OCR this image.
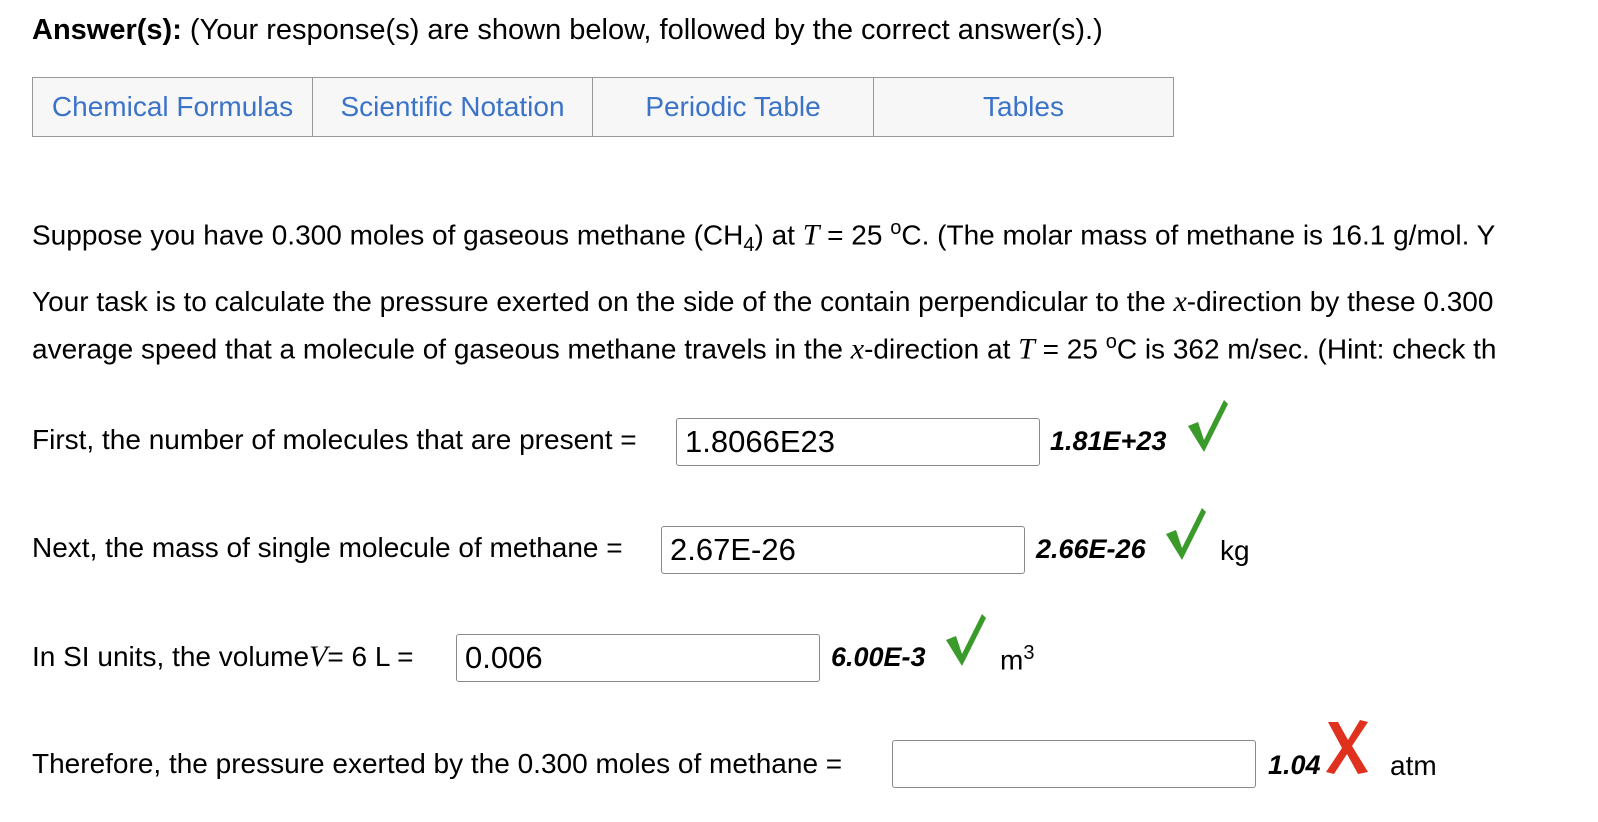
Answer(s): (Your response(s) are shown below, followed by the correct answer(s).)
Chemical Formulas	Scientific Notation	Periodic Table	Tables
Suppose you have 0.300 moles of gaseous methane $(CH_4)$ at T = 25 $^o$C. (The molar mass of methane is 16.1 g/mol. Y
Your task is to calculate the pressure exerted on the side of the contain perpendicular to the x-direction by these 0.300
average speed that a molecule of gaseous methane travels in the x-direction at T = 25 $^o$C is 362 m/sec. (Hint: check th
First, the number of molecules that are present =
1.8066E23	1.81E+23
Next, the mass of single molecule of methane =
2.67E-26	2.66E-26	kg
In SI units, the volume V = 6 L =
0.006	6.00E-3	$m^3$
Therefore, the pressure exerted by the 0.300 moles of methane =	1.04 atm
